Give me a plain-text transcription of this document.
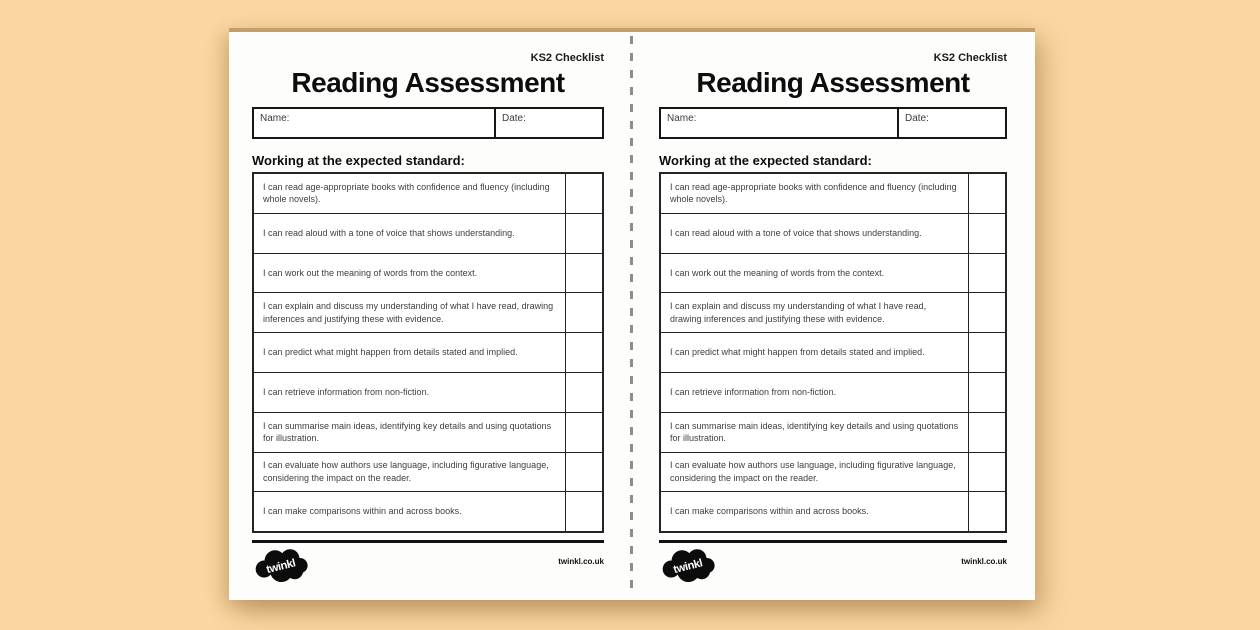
KS2 Checklist
Reading Assessment
Name:	Date:
Working at the expected standard:
I can read age-appropriate books with confidence and fluency (including whole novels).
I can read aloud with a tone of voice that shows understanding.
I can work out the meaning of words from the context.
I can explain and discuss my understanding of what I have read, drawing inferences and justifying these with evidence.
I can predict what might happen from details stated and implied.
I can retrieve information from non-fiction.
I can summarise main ideas, identifying key details and using quotations for illustration.
I can evaluate how authors use language, including figurative language, considering the impact on the reader.
I can make comparisons within and across books.
twinkl	twinkl.co.uk
KS2 Checklist
Reading Assessment
Name:	Date:
Working at the expected standard:
I can read age-appropriate books with confidence and fluency (including whole novels).
I can read aloud with a tone of voice that shows understanding.
I can work out the meaning of words from the context.
I can explain and discuss my understanding of what I have read, drawing inferences and justifying these with evidence.
I can predict what might happen from details stated and implied.
I can retrieve information from non-fiction.
I can summarise main ideas, identifying key details and using quotations for illustration.
I can evaluate how authors use language, including figurative language, considering the impact on the reader.
I can make comparisons within and across books.
twinkl	twinkl.co.uk
